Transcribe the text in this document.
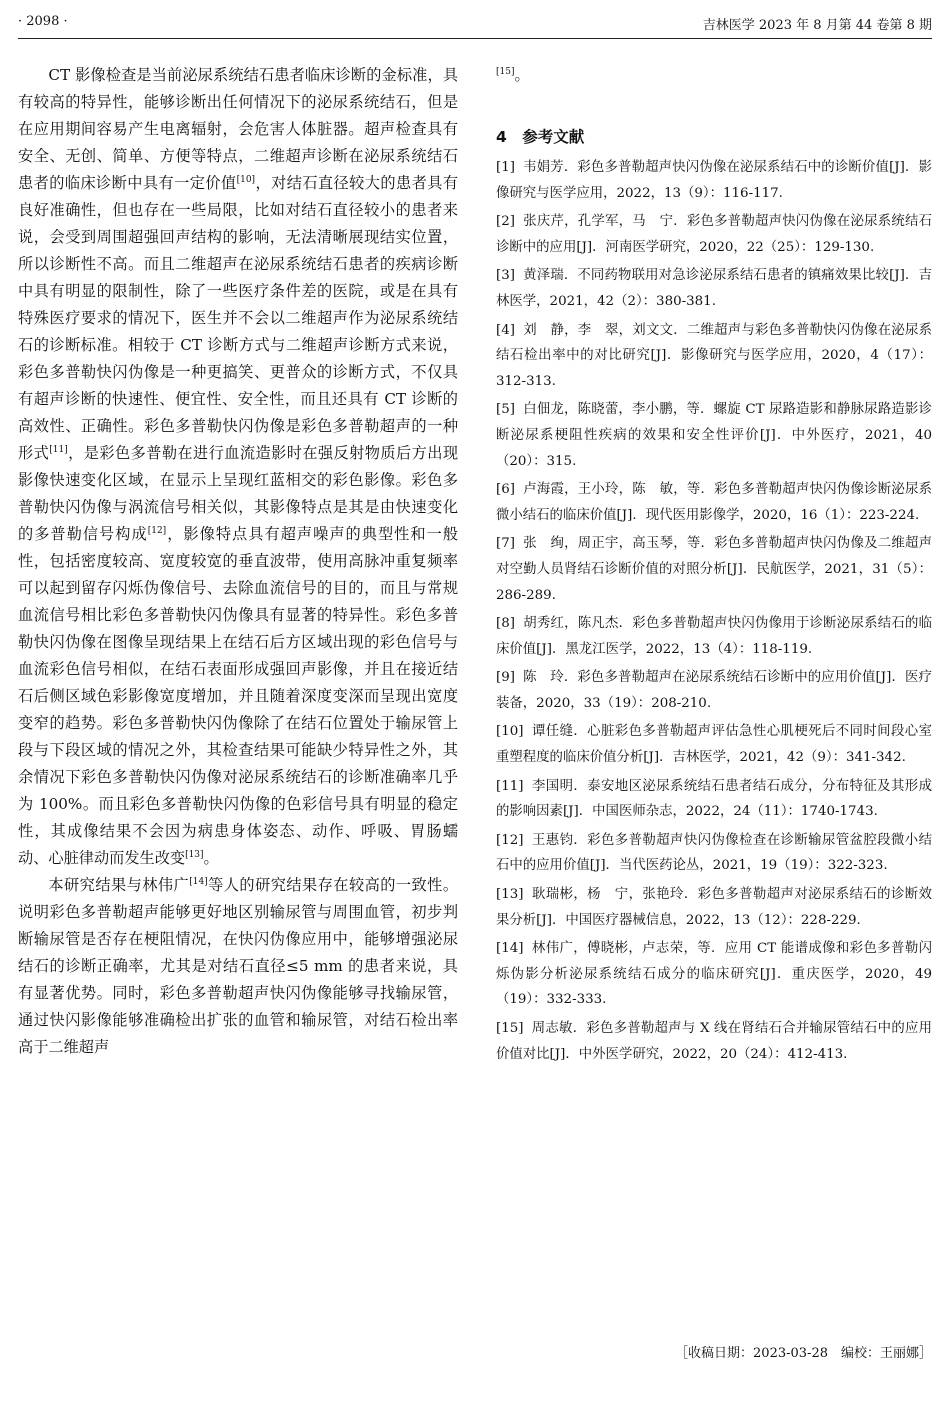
· 2098 ·	吉林医学 2023 年 8 月第 44 卷第 8 期

CT 影像检查是当前泌尿系统结石患者临床诊断的金标准，具有较高的特异性，能够诊断出任何情况下的泌尿系统结石，但是在应用期间容易产生电离辐射，会危害人体脏器。超声检查具有安全、无创、简单、方便等特点，二维超声诊断在泌尿系统结石患者的临床诊断中具有一定价值[10]，对结石直径较大的患者具有良好准确性，但也存在一些局限，比如对结石直径较小的患者来说，会受到周围超强回声结构的影响，无法清晰展现结实位置，所以诊断性不高。而且二维超声在泌尿系统结石患者的疾病诊断中具有明显的限制性，除了一些医疗条件差的医院，或是在具有特殊医疗要求的情况下，医生并不会以二维超声作为泌尿系统结石的诊断标准。相较于 CT 诊断方式与二维超声诊断方式来说，彩色多普勒快闪伪像是一种更搞笑、更普众的诊断方式，不仅具有超声诊断的快速性、便宜性、安全性，而且还具有 CT 诊断的高效性、正确性。彩色多普勒快闪伪像是彩色多普勒超声的一种形式[11]，是彩色多普勒在进行血流造影时在强反射物质后方出现影像快速变化区域，在显示上呈现红蓝相交的彩色影像。彩色多普勒快闪伪像与涡流信号相关似，其影像特点是其是由快速变化的多普勒信号构成[12]，影像特点具有超声噪声的典型性和一般性，包括密度较高、宽度较宽的垂直波带，使用高脉冲重复频率可以起到留存闪烁伪像信号、去除血流信号的目的，而且与常规血流信号相比彩色多普勒快闪伪像具有显著的特异性。彩色多普勒快闪伪像在图像呈现结果上在结石后方区域出现的彩色信号与血流彩色信号相似，在结石表面形成强回声影像，并且在接近结石后侧区域色彩影像宽度增加，并且随着深度变深而呈现出宽度变窄的趋势。彩色多普勒快闪伪像除了在结石位置处于输尿管上段与下段区域的情况之外，其检查结果可能缺少特异性之外，其余情况下彩色多普勒快闪伪像对泌尿系统结石的诊断准确率几乎为 100%。而且彩色多普勒快闪伪像的色彩信号具有明显的稳定性，其成像结果不会因为病患身体姿态、动作、呼吸、胃肠蠕动、心脏律动而发生改变[13]。

本研究结果与林伟广[14]等人的研究结果存在较高的一致性。说明彩色多普勒超声能够更好地区别输尿管与周围血管，初步判断输尿管是否存在梗阻情况，在快闪伪像应用中，能够增强泌尿结石的诊断正确率，尤其是对结石直径≤5 mm 的患者来说，具有显著优势。同时，彩色多普勒超声快闪伪像能够寻找输尿管，通过快闪影像能够准确检出扩张的血管和输尿管，对结石检出率高于二维超声

[15]。

4　参考文献
[1] 韦娟芳．彩色多普勒超声快闪伪像在泌尿系结石中的诊断价值[J]．影像研究与医学应用，2022，13（9）：116-117.
[2] 张庆芹，孔学军，马　宁．彩色多普勒超声快闪伪像在泌尿系统结石诊断中的应用[J]．河南医学研究，2020，22（25）：129-130.
[3] 黄泽瑞．不同药物联用对急诊泌尿系结石患者的镇痛效果比较[J]．吉林医学，2021，42（2）：380-381.
[4] 刘　静，李　翠，刘文文．二维超声与彩色多普勒快闪伪像在泌尿系结石检出率中的对比研究[J]．影像研究与医学应用，2020，4（17）：312-313.
[5] 白佃龙，陈晓蕾，李小鹏，等．螺旋 CT 尿路造影和静脉尿路造影诊断泌尿系梗阻性疾病的效果和安全性评价[J]．中外医疗，2021，40（20）：315.
[6] 卢海霞，王小玲，陈　敏，等．彩色多普勒超声快闪伪像诊断泌尿系微小结石的临床价值[J]．现代医用影像学，2020，16（1）：223-224.
[7] 张　绚，周正宇，高玉琴，等．彩色多普勒超声快闪伪像及二维超声对空勤人员肾结石诊断价值的对照分析[J]．民航医学，2021，31（5）：286-289.
[8] 胡秀红，陈凡杰．彩色多普勒超声快闪伪像用于诊断泌尿系结石的临床价值[J]．黑龙江医学，2022，13（4）：118-119.
[9] 陈　玲．彩色多普勒超声在泌尿系统结石诊断中的应用价值[J]．医疗装备，2020，33（19）：208-210.
[10] 谭任缝．心脏彩色多普勒超声评估急性心肌梗死后不同时间段心室重塑程度的临床价值分析[J]．吉林医学，2021，42（9）：341-342.
[11] 李国明．泰安地区泌尿系统结石患者结石成分，分布特征及其形成的影响因素[J]．中国医师杂志，2022，24（11）：1740-1743.
[12] 王惠钧．彩色多普勒超声快闪伪像检查在诊断输尿管盆腔段微小结石中的应用价值[J]．当代医药论丛，2021，19（19）：322-323.
[13] 耿瑞彬，杨　宁，张艳玲．彩色多普勒超声对泌尿系结石的诊断效果分析[J]．中国医疗器械信息，2022，13（12）：228-229.
[14] 林伟广，傅晓彬，卢志荣，等．应用 CT 能谱成像和彩色多普勒闪烁伪影分析泌尿系统结石成分的临床研究[J]．重庆医学，2020，49（19）：332-333.
[15] 周志敏．彩色多普勒超声与 X 线在肾结石合并输尿管结石中的应用价值对比[J]．中外医学研究，2022，20（24）：412-413.
［收稿日期：2023-03-28　编校：王丽娜］
